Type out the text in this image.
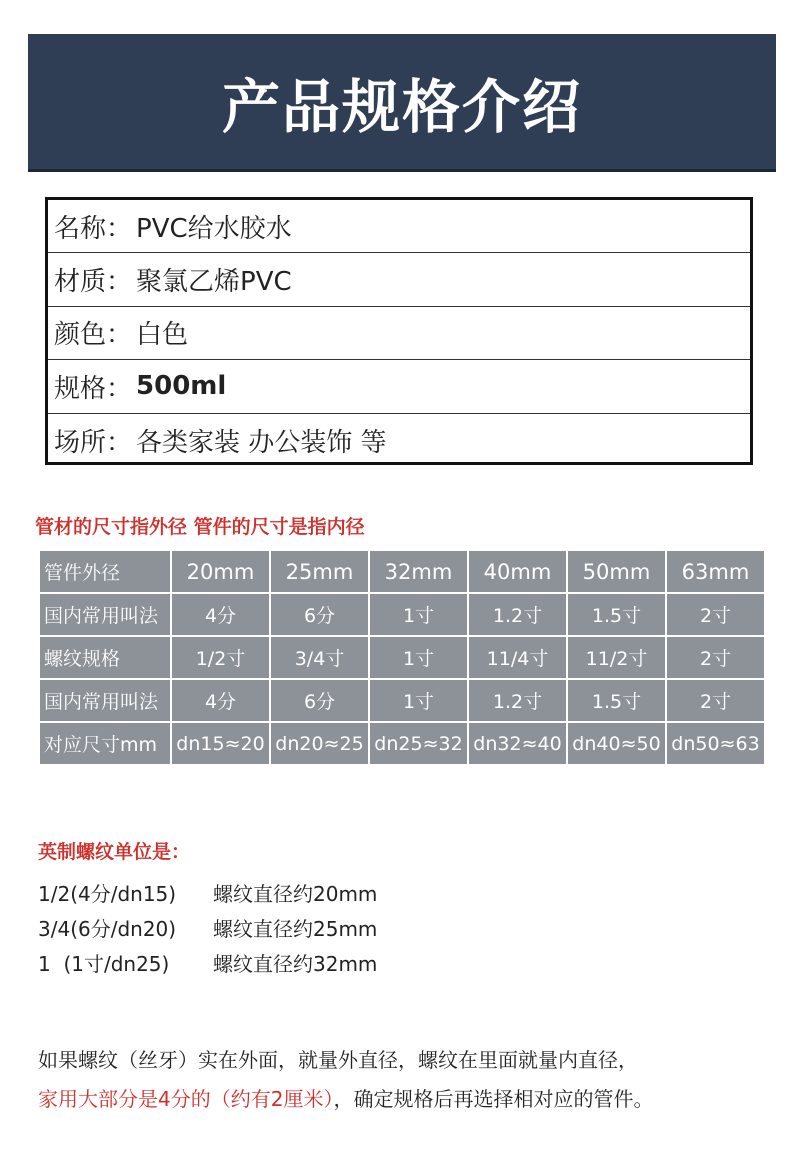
产品规格介绍
名称： PVC给水胶水
材质： 聚氯乙烯PVC
颜色： 白色
规格： 500ml
场所： 各类家装 办公装饰 等
管材的尺寸指外径 管件的尺寸是指内径
管件外径	20mm	25mm	32mm	40mm	50mm	63mm
国内常用叫法	4分	6分	1寸	1.2寸	1.5寸	2寸
螺纹规格	1/2寸	3/4寸	1寸	11/4寸	11/2寸	2寸
国内常用叫法	4分	6分	1寸	1.2寸	1.5寸	2寸
对应尺寸mm	dn15≈20	dn20≈25	dn25≈32	dn32≈40	dn40≈50	dn50≈63
英制螺纹单位是：
1/2(4分/dn15)	螺纹直径约20mm
3/4(6分/dn20)	螺纹直径约25mm
1  (1寸/dn25)	螺纹直径约32mm
如果螺纹（丝牙）实在外面，就量外直径，螺纹在里面就量内直径，
家用大部分是4分的（约有2厘米），确定规格后再选择相对应的管件。
